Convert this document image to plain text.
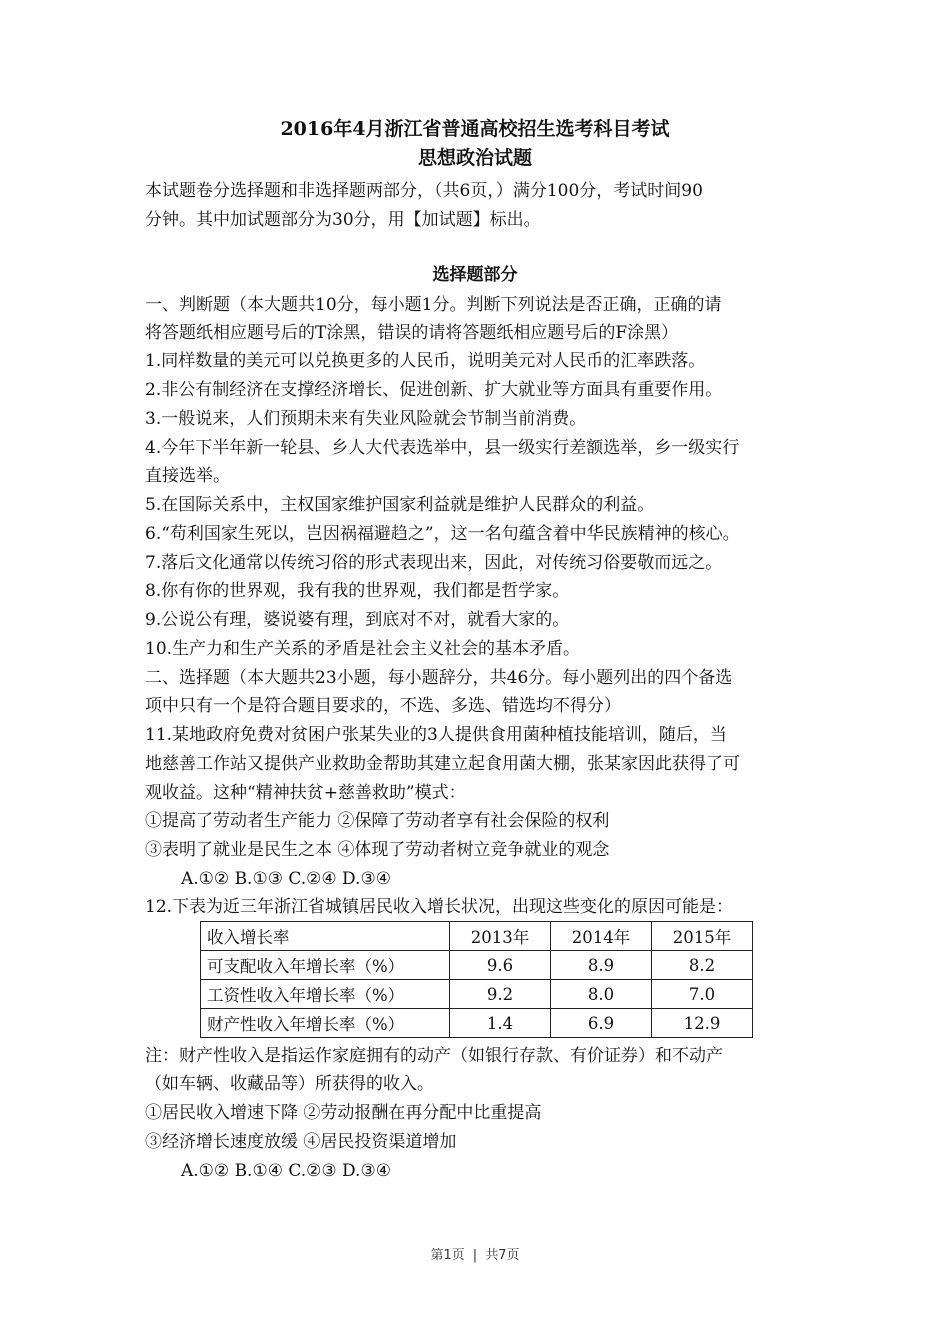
2016年4月浙江省普通高校招生选考科目考试
思想政治试题
本试题卷分选择题和非选择题两部分，（共6页，）满分100分，考试时间90
分钟。其中加试题部分为30分，用【加试题】标出。
选择题部分
一、判断题（本大题共10分，每小题1分。判断下列说法是否正确，正确的请
将答题纸相应题号后的T涂黑，错误的请将答题纸相应题号后的F涂黑）
1.同样数量的美元可以兑换更多的人民币，说明美元对人民币的汇率跌落。
2.非公有制经济在支撑经济增长、促进创新、扩大就业等方面具有重要作用。
3.一般说来，人们预期未来有失业风险就会节制当前消费。
4.今年下半年新一轮县、乡人大代表选举中，县一级实行差额选举，乡一级实行
直接选举。
5.在国际关系中，主权国家维护国家利益就是维护人民群众的利益。
6.“苟利国家生死以，岂因祸福避趋之”，这一名句蕴含着中华民族精神的核心。
7.落后文化通常以传统习俗的形式表现出来，因此，对传统习俗要敬而远之。
8.你有你的世界观，我有我的世界观，我们都是哲学家。
9.公说公有理，婆说婆有理，到底对不对，就看大家的。
10.生产力和生产关系的矛盾是社会主义社会的基本矛盾。
二、选择题（本大题共23小题，每小题辞分，共46分。每小题列出的四个备选
项中只有一个是符合题目要求的，不选、多选、错选均不得分）
11.某地政府免费对贫困户张某失业的3人提供食用菌种植技能培训，随后，当
地慈善工作站又提供产业救助金帮助其建立起食用菌大棚，张某家因此获得了可
观收益。这种“精神扶贫+慈善救助”模式：
①提高了劳动者生产能力 ②保障了劳动者享有社会保险的权利
③表明了就业是民生之本 ④体现了劳动者树立竞争就业的观念
A.①② B.①③ C.②④ D.③④
12.下表为近三年浙江省城镇居民收入增长状况，出现这些变化的原因可能是：
收入增长率	2013年	2014年	2015年
可支配收入年增长率（%）	9.6	8.9	8.2
工资性收入年增长率（%）	9.2	8.0	7.0
财产性收入年增长率（%）	1.4	6.9	12.9
注：财产性收入是指运作家庭拥有的动产（如银行存款、有价证券）和不动产
（如车辆、收藏品等）所获得的收入。
①居民收入增速下降 ②劳动报酬在再分配中比重提高
③经济增长速度放缓 ④居民投资渠道增加
A.①② B.①④ C.②③ D.③④
第1页 | 共7页
